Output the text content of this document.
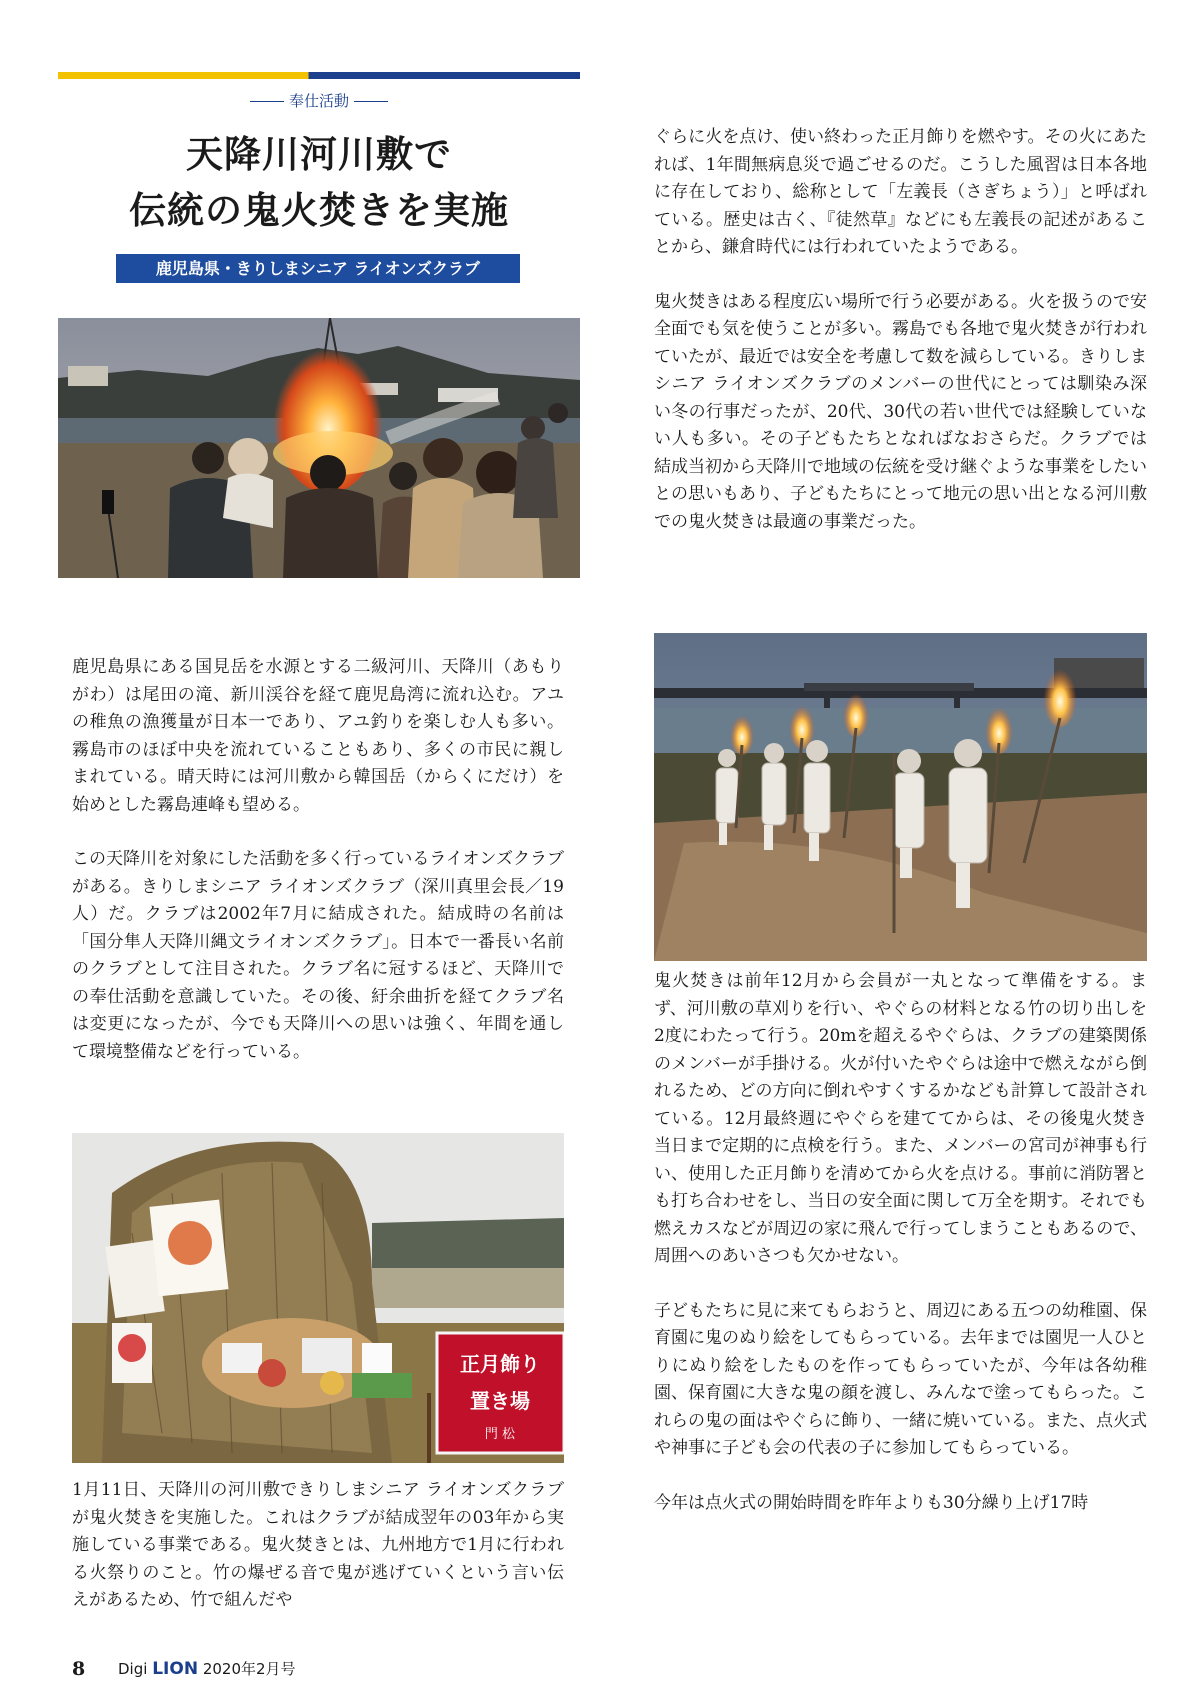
奉仕活動
天降川河川敷で
伝統の鬼火焚きを実施
鹿児島県・きりしまシニア ライオンズクラブ
正月飾り
置き場
門 松

鹿児島県にある国見岳を水源とする二級河川、天降川（あもりがわ）は尾田の滝、新川渓谷を経て鹿児島湾に流れ込む。アユの稚魚の漁獲量が日本一であり、アユ釣りを楽しむ人も多い。霧島市のほぼ中央を流れていることもあり、多くの市民に親しまれている。晴天時には河川敷から韓国岳（からくにだけ）を始めとした霧島連峰も望める。

この天降川を対象にした活動を多く行っているライオンズクラブがある。きりしまシニア ライオンズクラブ（深川真里会長／19人）だ。クラブは2002年7月に結成された。結成時の名前は「国分隼人天降川縄文ライオンズクラブ」。日本で一番長い名前のクラブとして注目された。クラブ名に冠するほど、天降川での奉仕活動を意識していた。その後、紆余曲折を経てクラブ名は変更になったが、今でも天降川への思いは強く、年間を通して環境整備などを行っている。

1月11日、天降川の河川敷できりしまシニア ライオンズクラブが鬼火焚きを実施した。これはクラブが結成翌年の03年から実施している事業である。鬼火焚きとは、九州地方で1月に行われる火祭りのこと。竹の爆ぜる音で鬼が逃げていくという言い伝えがあるため、竹で組んだや

ぐらに火を点け、使い終わった正月飾りを燃やす。その火にあたれば、1年間無病息災で過ごせるのだ。こうした風習は日本各地に存在しており、総称として「左義長（さぎちょう）」と呼ばれている。歴史は古く、『徒然草』などにも左義長の記述があることから、鎌倉時代には行われていたようである。

鬼火焚きはある程度広い場所で行う必要がある。火を扱うので安全面でも気を使うことが多い。霧島でも各地で鬼火焚きが行われていたが、最近では安全を考慮して数を減らしている。きりしまシニア ライオンズクラブのメンバーの世代にとっては馴染み深い冬の行事だったが、20代、30代の若い世代では経験していない人も多い。その子どもたちとなればなおさらだ。クラブでは結成当初から天降川で地域の伝統を受け継ぐような事業をしたいとの思いもあり、子どもたちにとって地元の思い出となる河川敷での鬼火焚きは最適の事業だった。

鬼火焚きは前年12月から会員が一丸となって準備をする。まず、河川敷の草刈りを行い、やぐらの材料となる竹の切り出しを2度にわたって行う。20mを超えるやぐらは、クラブの建築関係のメンバーが手掛ける。火が付いたやぐらは途中で燃えながら倒れるため、どの方向に倒れやすくするかなども計算して設計されている。12月最終週にやぐらを建ててからは、その後鬼火焚き当日まで定期的に点検を行う。また、メンバーの宮司が神事も行い、使用した正月飾りを清めてから火を点ける。事前に消防署とも打ち合わせをし、当日の安全面に関して万全を期す。それでも燃えカスなどが周辺の家に飛んで行ってしまうこともあるので、周囲へのあいさつも欠かせない。

子どもたちに見に来てもらおうと、周辺にある五つの幼稚園、保育園に鬼のぬり絵をしてもらっている。去年までは園児一人ひとりにぬり絵をしたものを作ってもらっていたが、今年は各幼稚園、保育園に大きな鬼の顔を渡し、みんなで塗ってもらった。これらの鬼の面はやぐらに飾り、一緒に焼いている。また、点火式や神事に子ども会の代表の子に参加してもらっている。

今年は点火式の開始時間を昨年よりも30分繰り上げ17時

8 Digi LION 2020年2月号
